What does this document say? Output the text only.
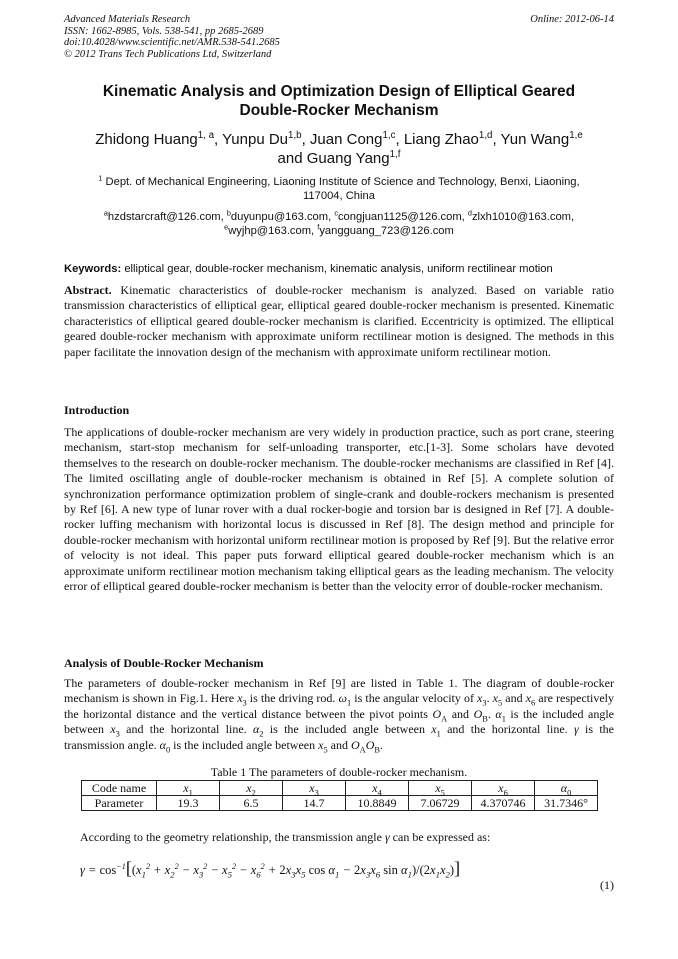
Advanced Materials Research
ISSN: 1662-8985, Vols. 538-541, pp 2685-2689
doi:10.4028/www.scientific.net/AMR.538-541.2685
© 2012 Trans Tech Publications Ltd, Switzerland
Online: 2012-06-14
Kinematic Analysis and Optimization Design of Elliptical Geared
Double-Rocker Mechanism
Zhidong Huang$^{1, a}$, Yunpu Du$^{1,b}$, Juan Cong$^{1,c}$, Liang Zhao$^{1,d}$, Yun Wang$^{1,e}$
and Guang Yang$^{1,f}$
$^1$ Dept. of Mechanical Engineering, Liaoning Institute of Science and Technology, Benxi, Liaoning,
117004, China
$^a$hzdstarcraft@126.com, $^b$duyunpu@163.com, $^c$congjuan1125@126.com, $^d$zlxh1010@163.com,
$^e$wyjhp@163.com, $^f$yangguang_723@126.com
Keywords: elliptical gear, double-rocker mechanism, kinematic analysis, uniform rectilinear motion
Abstract. Kinematic characteristics of double-rocker mechanism is analyzed. Based on variable ratio transmission characteristics of elliptical gear, elliptical geared double-rocker mechanism is presented. Kinematic characteristics of elliptical geared double-rocker mechanism is clarified. Eccentricity is optimized. The elliptical geared double-rocker mechanism with approximate uniform rectilinear motion is designed. The methods in this paper facilitate the innovation design of the mechanism with approximate uniform rectilinear motion.
Introduction
The applications of double-rocker mechanism are very widely in production practice, such as port crane, steering mechanism, start-stop mechanism for self-unloading transporter, etc.[1-3]. Some scholars have devoted themselves to the research on double-rocker mechanism. The double-rocker mechanisms are classified in Ref [4]. The limited oscillating angle of double-rocker mechanism is obtained in Ref [5]. A complete solution of synchronization performance optimization problem of single-crank and double-rockers mechanism is presented by Ref [6]. A new type of lunar rover with a dual rocker-bogie and torsion bar is designed in Ref [7]. A double-rocker luffing mechanism with horizontal locus is discussed in Ref [8]. The design method and principle for double-rocker mechanism with horizontal uniform rectilinear motion is proposed by Ref [9]. But the relative error of velocity is not ideal. This paper puts forward elliptical geared double-rocker mechanism which is an approximate uniform rectilinear motion mechanism taking elliptical gears as the leading mechanism. The velocity error of elliptical geared double-rocker mechanism is better than the velocity error of double-rocker mechanism.
Analysis of Double-Rocker Mechanism
The parameters of double-rocker mechanism in Ref [9] are listed in Table 1. The diagram of double-rocker mechanism is shown in Fig.1. Here $x_3$ is the driving rod. $\omega_1$ is the angular velocity of $x_3$. $x_5$ and $x_6$ are respectively the horizontal distance and the vertical distance between the pivot points $O_A$ and $O_B$. $\alpha_1$ is the included angle between $x_3$ and the horizontal line. $\alpha_2$ is the included angle between $x_1$ and the horizontal line. γ is the transmission angle. $\alpha_0$ is the included angle between $x_5$ and $O_AO_B$.
Table 1 The parameters of double-rocker mechanism.
Code name	$x_1$	$x_2$	$x_3$	$x_4$	$x_5$	$x_6$	$\alpha_0$
Parameter	19.3	6.5	14.7	10.8849	7.06729	4.370746	31.7346°
According to the geometry relationship, the transmission angle γ can be expressed as:
$\gamma = \cos^{-1}[(x_1^2 + x_2^2 - x_3^2 - x_5^2 - x_6^2 + 2x_3x_5$ $\cos \alpha_1 - 2x_3x_6$ $\sin \alpha_1)/(2x_1x_2)$]
(1)
